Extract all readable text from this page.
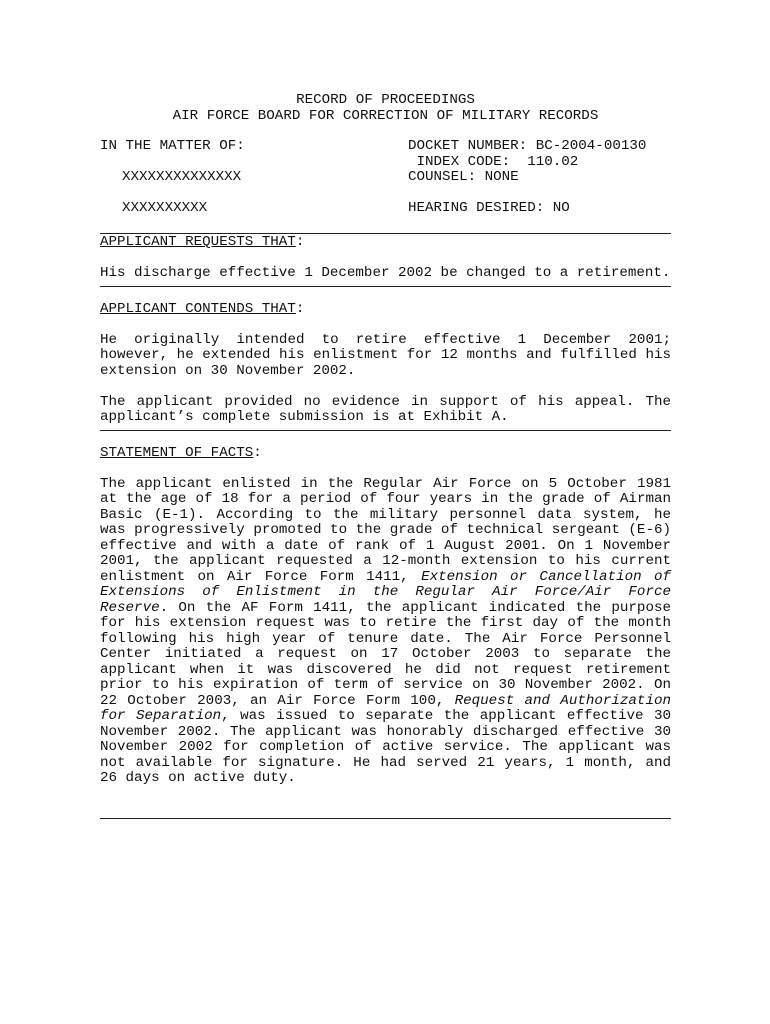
RECORD OF PROCEEDINGS
AIR FORCE BOARD FOR CORRECTION OF MILITARY RECORDS
IN THE MATTER OF:
XXXXXXXXXXXXXX
XXXXXXXXXX
DOCKET NUMBER: BC-2004-00130
INDEX CODE:  110.02
COUNSEL: NONE
HEARING DESIRED: NO
APPLICANT REQUESTS THAT:

His discharge effective 1 December 2002 be changed to a retirement.

APPLICANT CONTENDS THAT:

He originally intended to retire effective 1 December 2001; however, he extended his enlistment for 12 months and fulfilled his extension on 30 November 2002.

The applicant provided no evidence in support of his appeal. The applicant’s complete submission is at Exhibit A.

STATEMENT OF FACTS:

The applicant enlisted in the Regular Air Force on 5 October 1981 at the age of 18 for a period of four years in the grade of Airman Basic (E-1). According to the military personnel data system, he was progressively promoted to the grade of technical sergeant (E-6) effective and with a date of rank of 1 August 2001. On 1 November 2001, the applicant requested a 12-month extension to his current enlistment on Air Force Form 1411, Extension or Cancellation of Extensions of Enlistment in the Regular Air Force/Air Force Reserve. On the AF Form 1411, the applicant indicated the purpose for his extension request was to retire the first day of the month following his high year of tenure date. The Air Force Personnel Center initiated a request on 17 October 2003 to separate the applicant when it was discovered he did not request retirement prior to his expiration of term of service on 30 November 2002. On 22 October 2003, an Air Force Form 100, Request and Authorization for Separation, was issued to separate the applicant effective 30 November 2002. The applicant was honorably discharged effective 30 November 2002 for completion of active service. The applicant was not available for signature. He had served 21 years, 1 month, and 26 days on active duty.
